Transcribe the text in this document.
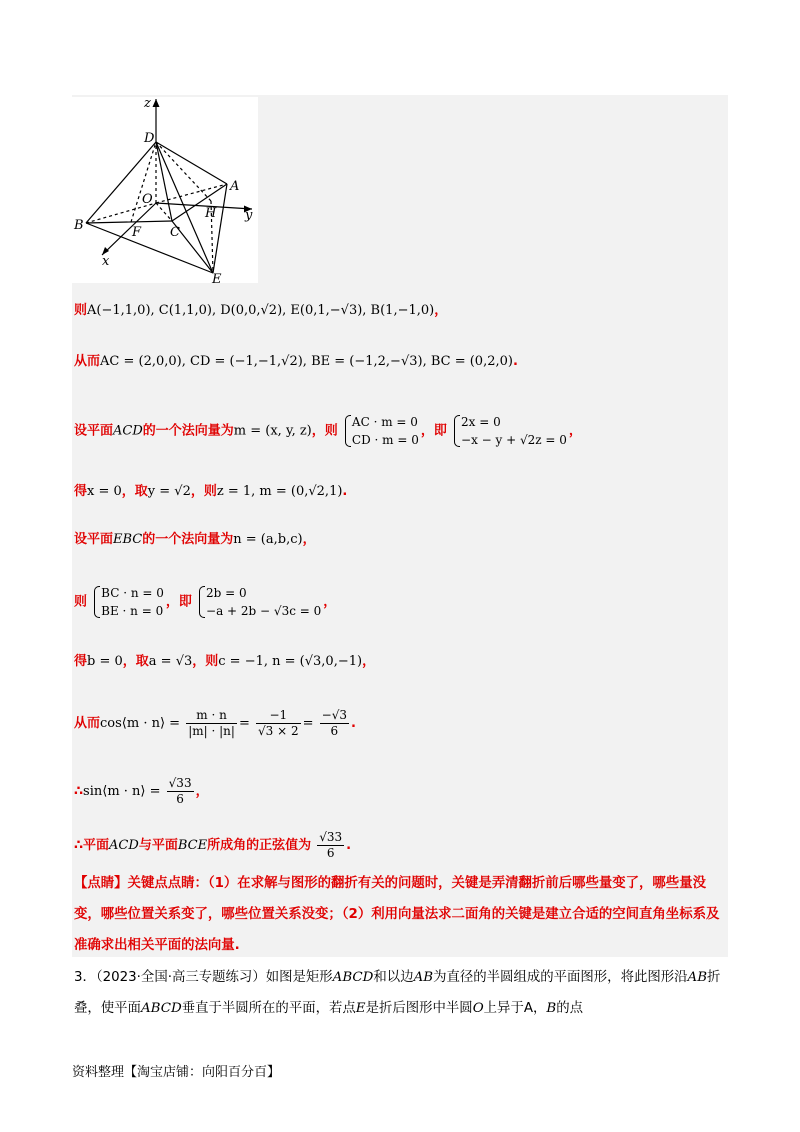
z
D
A
O
H y
B	F C
x
E
则A(−1,1,0), C(1,1,0), D(0,0,√2), E(0,1,−√3), B(1,−1,0)，
从而AC = (2,0,0), CD = (−1,−1,√2), BE = (−1,2,−√3), BC = (0,2,0).
设平面ACD的一个法向量为m = (x, y, z)，则
AC · m = 0
CD · m = 0
，即
2x = 0
−x − y + √2z = 0
，
得x = 0，取y = √2，则z = 1, m = (0,√2,1).
设平面EBC的一个法向量为n = (a,b,c)，
则
BC · n = 0
BE · n = 0
，即
2b = 0
−a + 2b − √3c = 0
，
得b = 0，取a = √3，则c = −1, n = (√3,0,−1)，
从而cos⟨m · n⟩ = $\frac{m \cdot n}{|m| \cdot |n|} = \frac{-1}{√3 \times 2} = \frac{-√3}{6}$ .
∴sin⟨m · n⟩ = $\frac{√33}{6}$ ，
∴平面ACD与平面BCE所成角的正弦值为 $\frac{√33}{6}$ .
【点睛】关键点点睛：（1）在求解与图形的翻折有关的问题时，关键是弄清翻折前后哪些量变了，哪些量没变，哪些位置关系变了，哪些位置关系没变；（2）利用向量法求二面角的关键是建立合适的空间直角坐标系及准确求出相关平面的法向量.
3．（2023·全国·高三专题练习）如图是矩形ABCD和以边AB为直径的半圆组成的平面图形，将此图形沿AB折叠，使平面ABCD垂直于半圆所在的平面，若点E是折后图形中半圆O上异于A，B的点
资料整理【淘宝店铺：向阳百分百】
